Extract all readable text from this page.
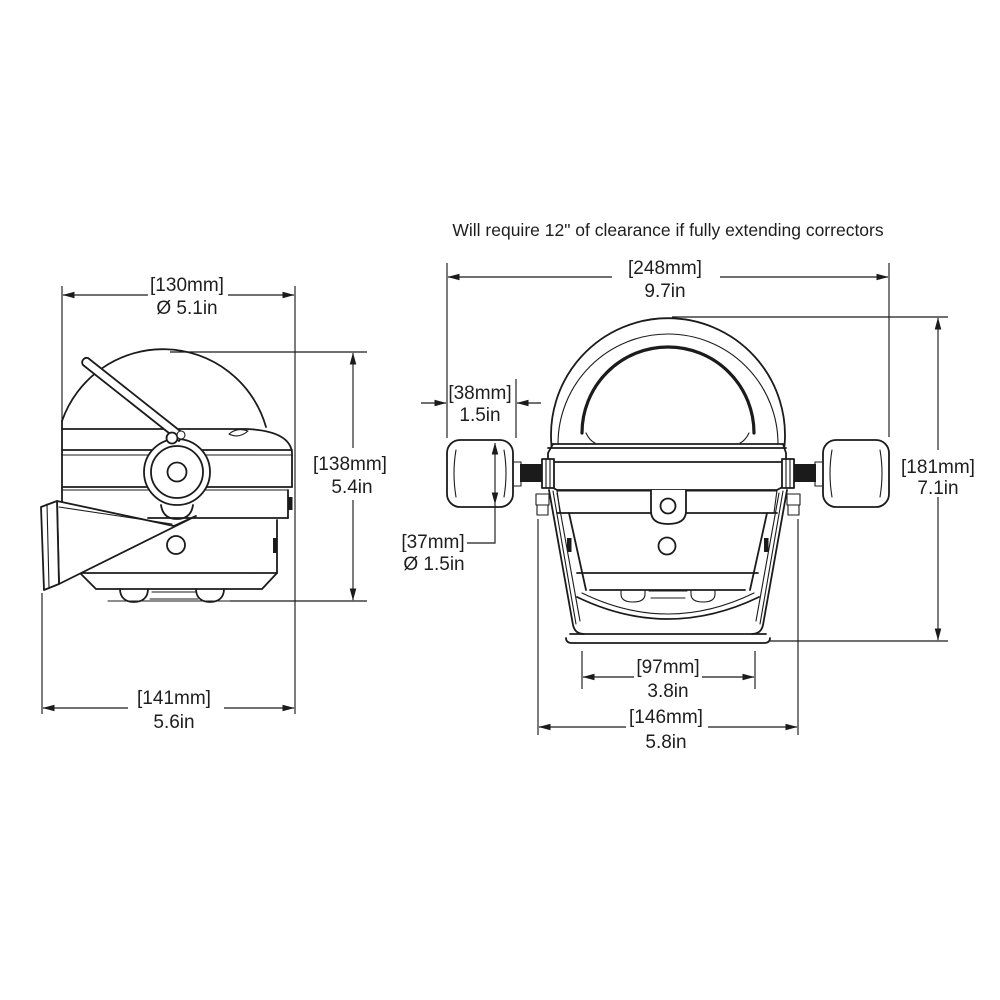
Will require 12" of clearance if fully extending correctors
[130mm]
Ø 5.1in
[138mm]
5.4in
[141mm]
5.6in
[248mm]
9.7in
[38mm]
1.5in
[37mm]
Ø 1.5in
[181mm]
7.1in
[97mm]
3.8in
[146mm]
5.8in
